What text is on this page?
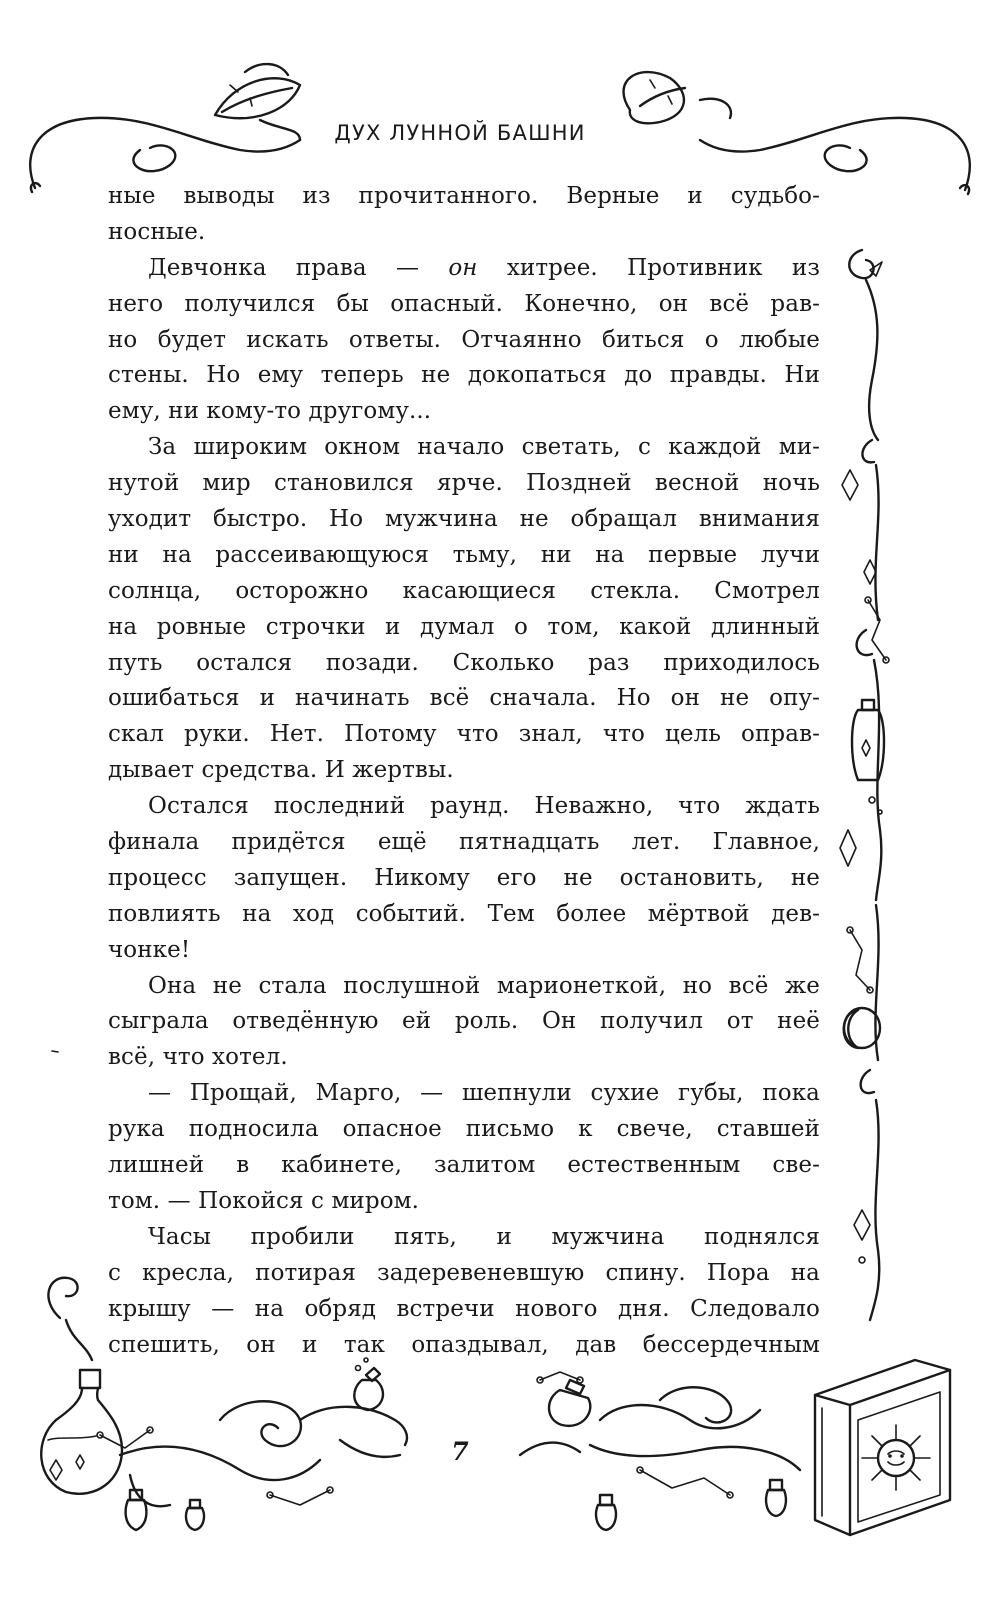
ДУХ ЛУННОЙ БАШНИ

ные выводы из прочитанного. Верные и судьбо-
носные.

Девчонка права — он хитрее. Противник из
него получился бы опасный. Конечно, он всё рав-
но будет искать ответы. Отчаянно биться о любые
стены. Но ему теперь не докопаться до правды. Ни
ему, ни кому-то другому...

За широким окном начало светать, с каждой ми-
нутой мир становился ярче. Поздней весной ночь
уходит быстро. Но мужчина не обращал внимания
ни на рассеивающуюся тьму, ни на первые лучи
солнца, осторожно касающиеся стекла. Смотрел
на ровные строчки и думал о том, какой длинный
путь остался позади. Сколько раз приходилось
ошибаться и начинать всё сначала. Но он не опу-
скал руки. Нет. Потому что знал, что цель оправ-
дывает средства. И жертвы.

Остался последний раунд. Неважно, что ждать
финала придётся ещё пятнадцать лет. Главное,
процесс запущен. Никому его не остановить, не
повлиять на ход событий. Тем более мёртвой дев-
чонке!

Она не стала послушной марионеткой, но всё же
сыграла отведённую ей роль. Он получил от неё
всё, что хотел.

— Прощай, Марго, — шепнули сухие губы, пока
рука подносила опасное письмо к свече, ставшей
лишней в кабинете, залитом естественным све-
том. — Покойся с миром.

Часы пробили пять, и мужчина поднялся
с кресла, потирая задеревеневшую спину. Пора на
крышу — на обряд встречи нового дня. Следовало
спешить, он и так опаздывал, дав бессердечным

7
